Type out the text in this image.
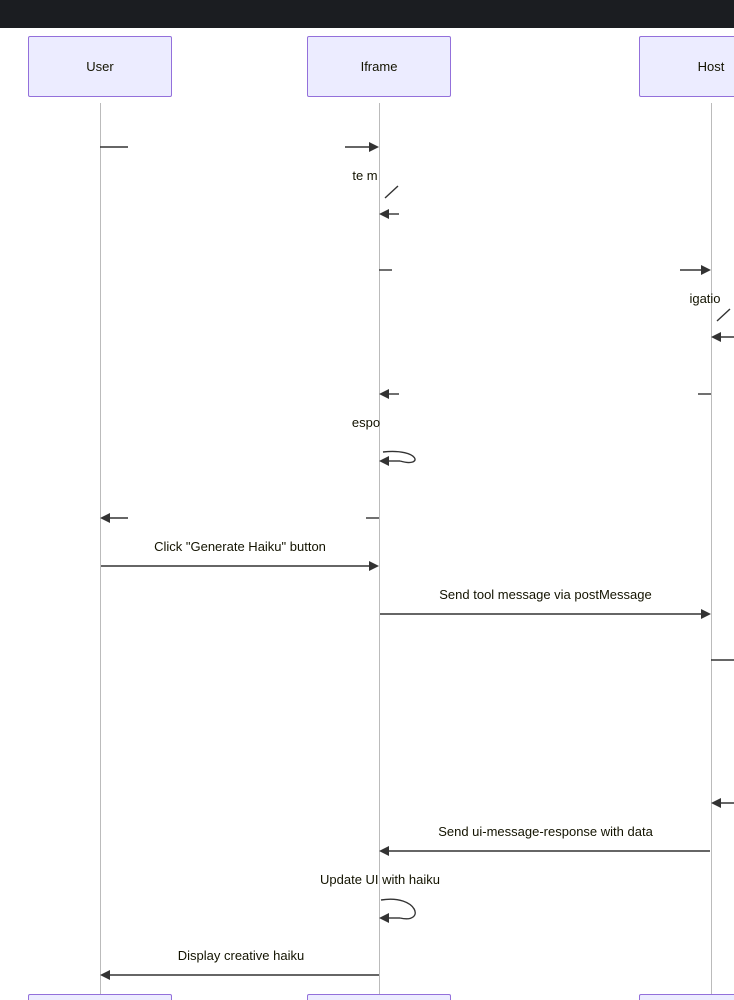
User	Iframe	Host
te m
igatio
espo
Click "Generate Haiku" button
Send tool message via postMessage
Send ui-message-response with data
Update UI with haiku
Display creative haiku
